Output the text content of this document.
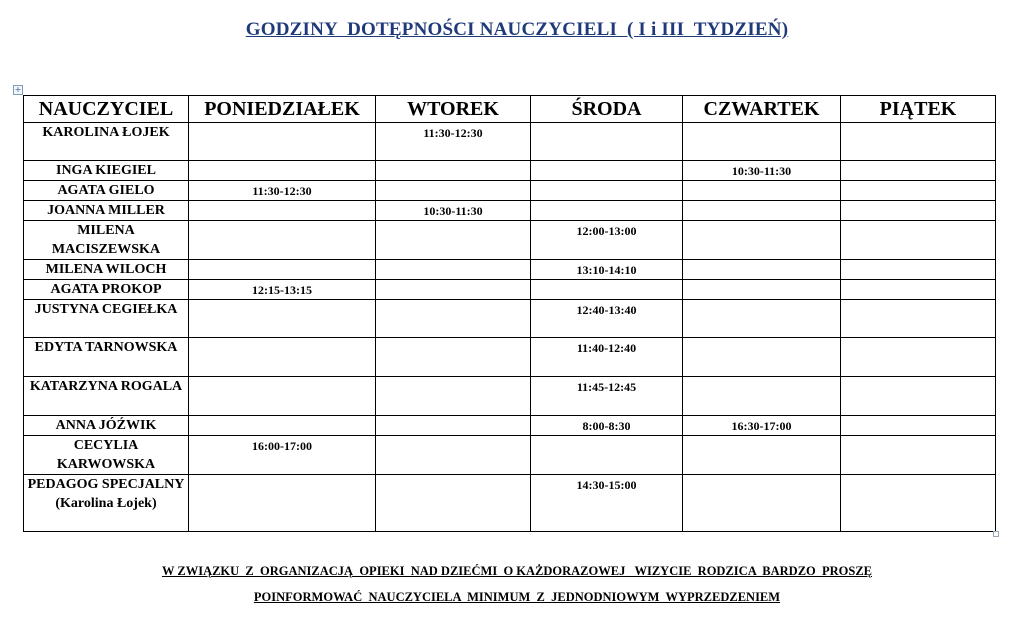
GODZINY  DOTĘPNOŚCI NAUCZYCIELI  ( I i III  TYDZIEŃ)
+
NAUCZYCIEL	PONIEDZIAŁEK	WTOREK	ŚRODA	CZWARTEK	PIĄTEK
KAROLINA ŁOJEK		11:30-12:30			
INGA KIEGIEL				10:30-11:30	
AGATA GIELO	11:30-12:30				
JOANNA MILLER		10:30-11:30			
MILENA MACISZEWSKA			12:00-13:00		
MILENA WILOCH			13:10-14:10		
AGATA PROKOP	12:15-13:15				
JUSTYNA CEGIEŁKA			12:40-13:40		
EDYTA TARNOWSKA			11:40-12:40		
KATARZYNA ROGALA			11:45-12:45		
ANNA JÓŹWIK			8:00-8:30	16:30-17:00	
CECYLIA KARWOWSKA	16:00-17:00				
PEDAGOG SPECJALNY (Karolina Łojek)			14:30-15:00		
W ZWIĄZKU  Z  ORGANIZACJĄ  OPIEKI  NAD DZIEĆMI  O KAŻDORAZOWEJ   WIZYCIE  RODZICA  BARDZO  PROSZĘ
POINFORMOWAĆ  NAUCZYCIELA  MINIMUM  Z  JEDNODNIOWYM  WYPRZEDZENIEM
